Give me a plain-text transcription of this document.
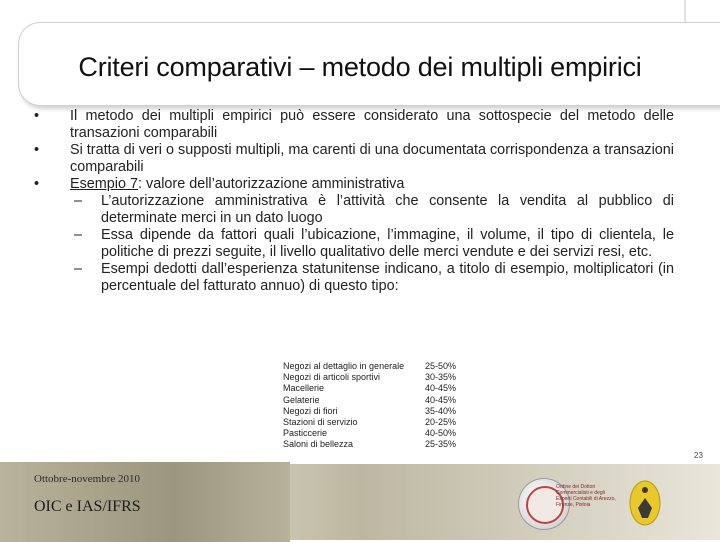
Criteri comparativi – metodo dei multipli empirici
• Il metodo dei multipli empirici può essere considerato una sottospecie del metodo delle transazioni comparabili
• Si tratta di veri o supposti multipli, ma carenti di una documentata corrispondenza a transazioni comparabili
• Esempio 7: valore dell’autorizzazione amministrativa
– L’autorizzazione amministrativa è l’attività che consente la vendita al pubblico di determinate merci in un dato luogo
– Essa dipende da fattori quali l’ubicazione, l’immagine, il volume, il tipo di clientela, le politiche di prezzi seguite, il livello qualitativo delle merci vendute e dei servizi resi, etc.
– Esempi dedotti dall’esperienza statunitense indicano, a titolo di esempio, moltiplicatori (in percentuale del fatturato annuo) di questo tipo:
Negozi al dettaglio in generale	25-50%
Negozi di articoli sportivi	30-35%
Macellerie	40-45%
Gelaterie	40-45%
Negozi di fiori	35-40%
Stazioni di servizio	20-25%
Pasticcerie	40-50%
Saloni di bellezza	25-35%
23
Ottobre-novembre 2010
OIC e IAS/IFRS
Ordine dei Dottori Commercialisti e degli Esperti Contabili di Arezzo, Firenze, Pistoia
